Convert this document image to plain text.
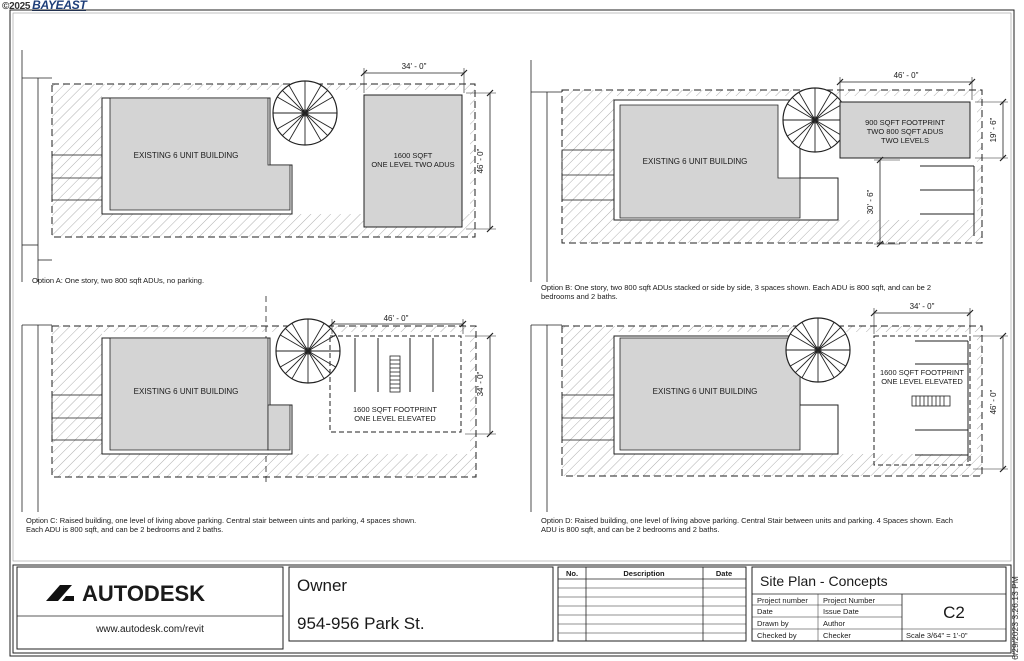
©2025 BAYEAST
EXISTING 6 UNIT BUILDING	1600 SQFT
ONE LEVEL TWO ADUS
34' - 0"
46' - 0"
Option A: One story, two 800 sqft ADUs, no parking.
EXISTING 6 UNIT BUILDING
900 SQFT FOOTPRINT
TWO 800 SQFT ADUS
TWO LEVELS
46' - 0"
19' - 6"
30' - 6"
Option B: One story, two 800 sqft ADUs stacked or side by side, 3 spaces shown. Each ADU is 800 sqft, and can be 2
bedrooms and 2 baths.
EXISTING 6 UNIT BUILDING
1600 SQFT FOOTPRINT
ONE LEVEL ELEVATED
46' - 0"
34' - 0"
Option C: Raised building, one level of living above parking. Central stair between uints and parking, 4 spaces shown.
Each ADU is 800 sqft, and can be 2 bedrooms and 2 baths.
EXISTING 6 UNIT BUILDING
1600 SQFT FOOTPRINT
ONE LEVEL ELEVATED
34' - 0"
46' - 0"
Option D: Raised building, one level of living above parking. Central Stair between units and parking. 4 Spaces shown. Each
ADU is 800 sqft, and can be 2 bedrooms and 2 baths.
AUTODESK
www.autodesk.com/revit
Owner
954-956 Park St.
No.	Description	Date Site Plan - Concepts
C2
Project number Project Number
Date	Issue Date
Drawn by	Author
Checked by	Checker	Scale 3/64" = 1'-0"	6/29/2023 3:26:13 PM
